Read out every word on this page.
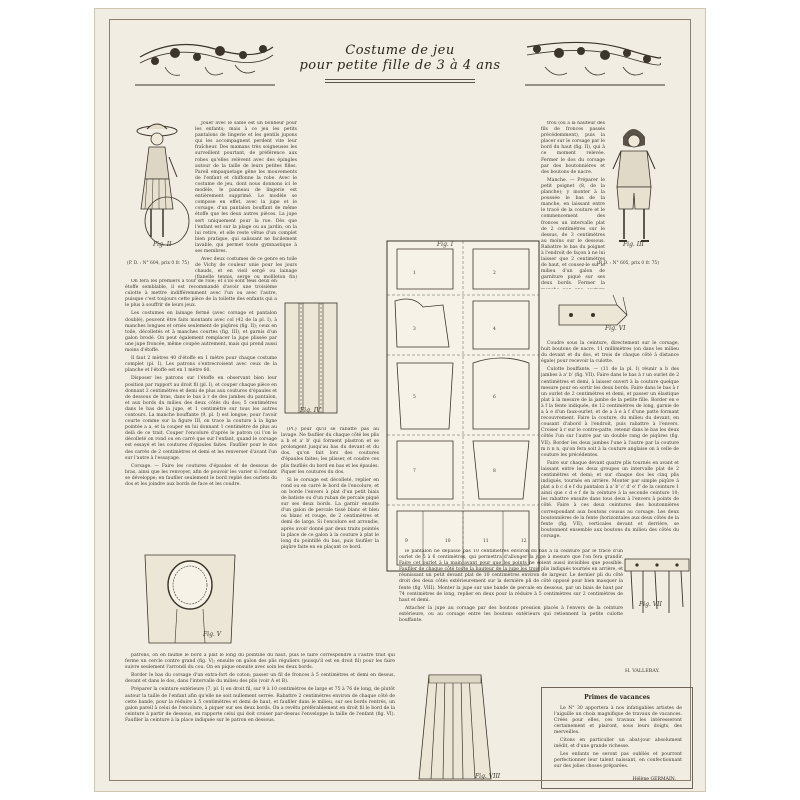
Costume de jeu
pour petite fille de 3 à 4 ans
Fig. II
(P. D. : N° 604, prix 0 fr. 75)
Fig. III
(P. D. : N° 605, prix 0 fr. 75)

Jouer avec le sable est un bonheur pour les enfants; mais à ce jeu les petits pantalons de lingerie et les gentils jupons qui les accompagnent perdent vite leur fraîcheur. Des mamans très soigneuses les surveillent pourtant, de préférence aux robes qu'elles relèvent avec des épingles autour de la taille de leurs petites filles. Pareil empaquetage gêne les mouvements de l'enfant et chiffonne la robe. Avec le costume de jeu, dont nous donnons ici le modèle, le panneau de lingerie est entièrement supprimé. Le modèle se compose en effet, avec la jupe et le corsage, d'un pantalon bouffant de même étoffe que les deux autres pièces. La jupe sert uniquement pour la rue. Dès que l'enfant est sur la plage ou au jardin, on la lui retire, et elle reste vêtue d'un complet bien pratique, qui salissant ne facilement lavable, qui permet toute gymnastique à ses membres.

Avec deux costumes de ce genre en toile de Vichy de couleur unie pour les jours chauds, et en vieil sergé ou lainage (flanelle tennis, serge ou mollleton fin)

On fera les premiers à tour de rôle; et s'ils sont tous deux en étoffe semblable, il est recommandé d'avoir une troisième culotte à mettre indifféremment avec l'un ou avec l'autre, puisque c'est toujours cette pièce de la toilette des enfants qui a le plus à souffrir de leurs jeux.

Les costumes en lainage fermé (avec corsage et pantalon doublé), peuvent être faits montants avec col (42 de la pl. I), à manches longues et ornés seulement de piqûres (fig. II); ceux en toile, décolletés et à manches courtes (fig. III), et garnis d'un galon brodé. On peut également remplacer la jupe plissée par une jupe froncée, même coupée autrement, mais qui prend aussi moins d'étoffe.

Il faut 2 mètres 40 d'étoffe en 1 mètre pour chaque costume complet (pl. I). Les patrons s'entrecroisent avec ceux de la planche et l'étoffe est en 1 mètre 60.

Disposer les patrons sur l'étoffe en observant bien leur position par rapport au droit fil (pl. I), et couper chaque pièce en donnant 2 centimètres et demi de plus aux coutures d'épaules et de dessous de bras, dans le bas à r de des jambes du pantalon, et aux bords du milieu des deux côtés du dos; 5 centimètres dans le bas de la jupe, et 1 centimètre sur tous les autres contours. La manche bouffante (9, pl. I) est longue; pour l'avoir courte comme sur la figure III, on trace la couture à la ligne pointée a a, et la couper en lui donnant 1 centimètre de plus au delà de ce trait. Couper l'encolure d'après le patron (si l'on le décolleté on rond ou en carré que sur l'enfant, quand le corsage est essayé et les coutures d'épaules faites. Faufiler pour le dos des carrés de 2 centimètres et demi et les renverser d'avant l'un sur l'autre à l'essayage.

Corsage. — Faire les coutures d'épaules et de dessous de bras, ainsi que les renvoyer, afin de pouvoir les varier si l'enfant se développe; en faufiler seulement le bord replié des ourlets du dos et les joindre aux bords de face et les coudre.

Fig. IV
Fig. I
1	2
3	4
5	6
7	8
9	10	11	12

(Pl.) pour qu'il se rabatte pas au lavage. Ne faufiler du chaque côté les plis a b et a' b' qui forment plastron et se prolongent jusqu'au bas du devant et du dos, qu'on fait lors des coutures d'épaules faites; les plisser, et coudre ces plis faufilés du bord en bas et les épaules. Piquer les coutures du dos.

Si le corsage est décolleté, replier en rond ou en carré le bord de l'encolure, et on borde l'envers à plat d'un petit biais de batiste ou d'un ruban de percale piqué sur ses deux bords. La garnir ensuite d'un galon de percale tissé blanc et bleu ou blanc et rouge, de 2 centimètres et demi de large. Si l'encolure est arrondie, après avoir donné par deux traits pointés la place de ce galon à la couture à plat le long du pointillé du bas, puis faufiler la piqûre faite en en plaçant ce bord.

Fig. V

patrons, on en faufile le bord à plat le long du pointillé du haut, puis le faire correspondre à l'autre trait qui ferme un cercle contre grand (fig. V); ensuite on galon des plis réguliers (puisqu'il est en droit fil) pour les faire suivre seulement l'arrondi du cou. On en pique ensuite avec soin les deux bords.

Border le bas du corsage d'un extra-fort de coton; passer un fil de fronces à 5 centimètres et demi en dessus, devant et dans le dos, dans l'intervalle du milieu des plis (voir A et B).

Préparer la ceinture extérieure (7, pl. I) en droit fil, sur 9 à 10 centimètres de large et 75 à 76 de long, de plutôt autour la taille de l'enfant afin qu'elle ne soit nullement serrée. Rabattre 2 centimètres environ de chaque côté de cette bande, pour la réduire à 5 centimètres et demi de haut, et faufiler dans le milieu, sur ses bords rentrés, un galon pareil à celui de l'encolure, à piquer sur ses deux bords. On a revêtu préférablement en droit fil le bord de la ceinture à partir de dessous, en rapporte celui qui doit croiser par-dessus l'enveloppe la taille de l'enfant (fig. VI). Faufiler la ceinture à la place indiquée sur le patron en dessous.

Fig. VI

trou (ou à la hauteur des fils de fronces passés précédemment), puis la placer sur le corsage par le bord du haut (fig. II), qui à ce moment relevée. Fermer le dos du corsage par des boutonnières et des boutons de nacre.

Manche. — Préparer le petit poignet (8, de la planche); y monter à la poussée le bas de la manche, en laissant entre le tracé de la couture et le commencement des fronces un intervalle plat de 2 centimètres sur le dessus, de 3 centimètres au moins sur le dessous. Rabattre le bas du poignet à l'endroit de façon à ne lui laisser que 2 centimètres de haut, et cousez-le sur le milieu d'un galon de garniture piqué sur ses deux bords. Fermer la

Coudre sous la ceinture, directement sur le corsage, huit boutons de nacre. 11 millimètres (on dans les milieu du devant et du dos, et trois de chaque côté à distance égale) pour recevoir la culotte.

Culotte bouffante. — (11 de la pl. I) réunir a b des jambes à a' b' (fig. VII). Faire dans le bas à r un ourlet de 2 centimètres et demi, à laisser ouvert à la couture quelque mesure pour en sortir les deux bords. Faire dans le bas à r un ourlet de 2 centimètres et demi, et passer un élastique plat à la mesure de la jambe de la petite fille. Border en e à f la fente indiquée, de 12 centimètres de long, garnie de a à e d'un faux-ourlet, et de a à e à f d'une patte formant recouvrement. Faire la couture, du milieu du devant, en cousant d'abord à l'endroit, puis rabattre à l'envers. Croiser à r sur le contre-patte, retenir dans le bas les deux côtés l'un sur l'autre par un double rang de piqûres (fig. VII). Border les deux jambes l'une à l'autre par la couture m n n n, qu'on fera soit à la couture anglaise on à celle de couture les précédentes.

Faire sur chaque devant quatre plis tournés en avant et laissant entre les deux groupes un intervalle plat de 2 centimètres et demi; et sur chaque dos les cinq plis indiqués, tournés en arrière. Monter par simple piqûre à plat a b c d e f du pantalon à a' b' c' d' e' f' de la ceinture 1 ainsi que c d e f de la ceinture à la seconde ceinture 10; les rabattre ensuite dans tous deux à l'envers à points de côté. Faire à ces deux ceintures des boutonnières correspondant aux boutons cousus au corsage. Les deux boutonnières de la fente (horizontales aux deux côtés de la fente (fig. VII), verticales devant et derrière, se boutonnent ensemble aux boutons du milieu des côtés du corsage.

le pantalon ne dépasse pas 10 centimètres environ du bas à la ceinture par le tracé d'un ourlet de 5 à 6 centimètres, qui permettra d'allonger la jupe à mesure que l'on fera grandir. Faire cet ourlet à la main avant pour que les points ne soient aussi invisibles que possible. Faufiler de chaque côté toute la hauteur de la jupe les trois plis indiqués tournés en arrière, et réunissant un petit devant plat de 10 centimètres environ de largeur. Le dernier pli du côté droit des deux côtés extérieurement sur la dernière pli de côté opposé pour bien masquer la fente (fig. VIII). Monter la jupe sur une bande de percale en dessous, par un biais de haut par 74 centimètres de long, replier en deux pour la réduire à 5 centimètres sur 2 centimètres de haut et demi.

Attacher la jupe au corsage par des boutons pression placés à l'envers de la ceinture extérieure, ou au corsage entre les boutons extérieurs qui retiennent la petite culotte bouffante.

Fig. VII
Fig. VIII
H. VALLERAY.
Primes de vacances

Le N° 30 apportera à nos infatigables artistes de l'aiguille un choix magnifique de travaux de vacances. Créés pour elles, ces travaux les intéresseront certainement et plairont, sous leurs doigts, des merveilles.

Citons en particulier un abat-jour absolument inédit, et d'une grande richesse.

Les enfants ne seront pas oubliés et pourront perfectionner leur talent naissant, en confectionnant sur des jolies choses préparées.

Hélène GERMAIN.
